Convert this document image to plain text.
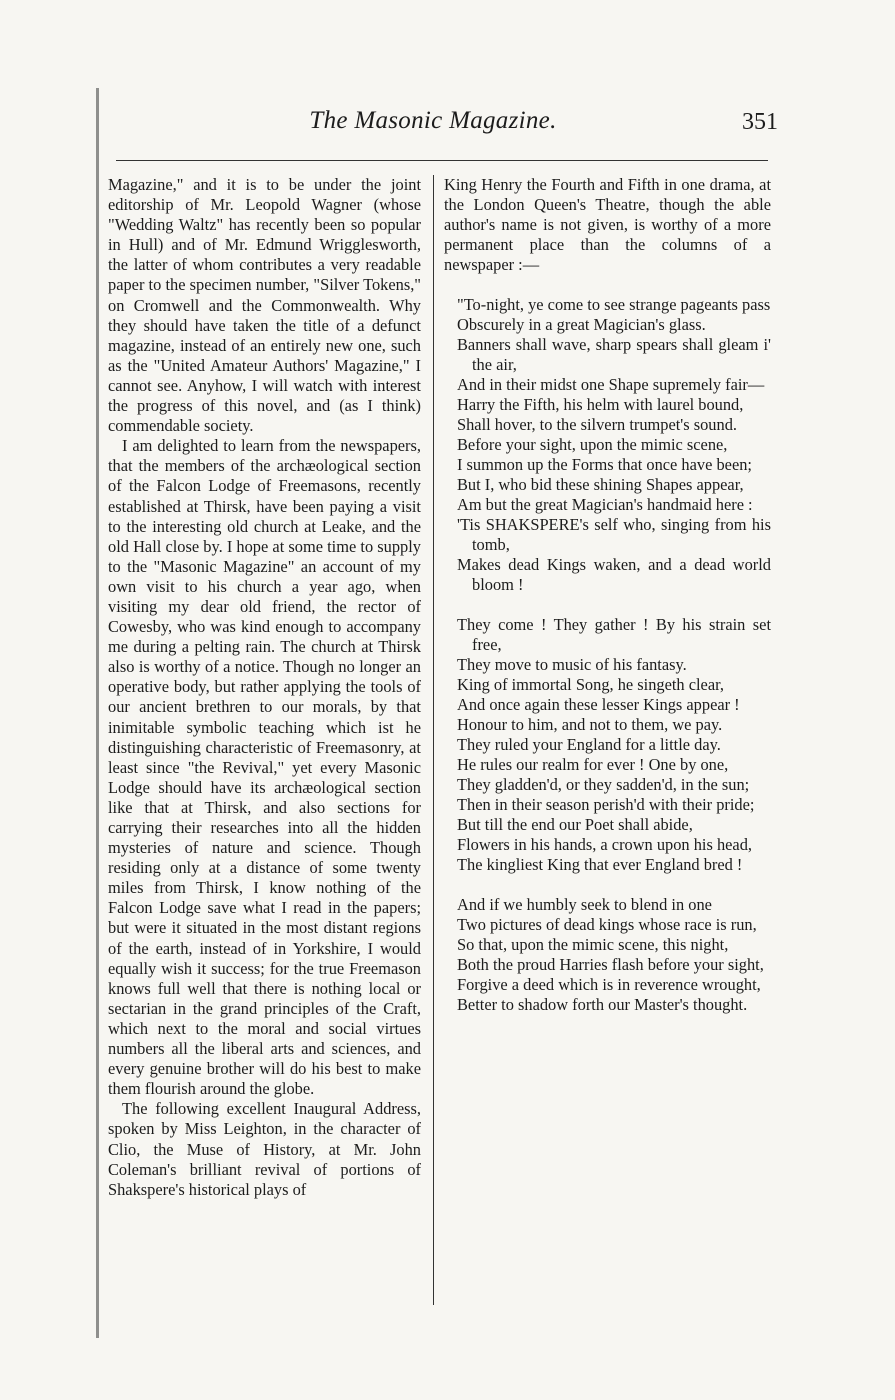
The Masonic Magazine.	351

Magazine," and it is to be under the joint editorship of Mr. Leopold Wagner (whose "Wedding Waltz" has recently been so popular in Hull) and of Mr. Edmund Wrigglesworth, the latter of whom contributes a very readable paper to the specimen number, "Silver Tokens," on Cromwell and the Commonwealth. Why they should have taken the title of a defunct magazine, instead of an entirely new one, such as the "United Amateur Authors' Magazine," I cannot see. Anyhow, I will watch with interest the progress of this novel, and (as I think) commendable society.

I am delighted to learn from the newspapers, that the members of the archæological section of the Falcon Lodge of Freemasons, recently established at Thirsk, have been paying a visit to the interesting old church at Leake, and the old Hall close by. I hope at some time to supply to the "Masonic Magazine" an account of my own visit to his church a year ago, when visiting my dear old friend, the rector of Cowesby, who was kind enough to accompany me during a pelting rain. The church at Thirsk also is worthy of a notice. Though no longer an operative body, but rather applying the tools of our ancient brethren to our morals, by that inimitable symbolic teaching which ist he distinguishing characteristic of Freemasonry, at least since "the Revival," yet every Masonic Lodge should have its archæological section like that at Thirsk, and also sections for carrying their researches into all the hidden mysteries of nature and science. Though residing only at a distance of some twenty miles from Thirsk, I know nothing of the Falcon Lodge save what I read in the papers; but were it situated in the most distant regions of the earth, instead of in Yorkshire, I would equally wish it success; for the true Freemason knows full well that there is nothing local or sectarian in the grand principles of the Craft, which next to the moral and social virtues numbers all the liberal arts and sciences, and every genuine brother will do his best to make them flourish around the globe.

The following excellent Inaugural Address, spoken by Miss Leighton, in the character of Clio, the Muse of History, at Mr. John Coleman's brilliant revival of portions of Shakspere's historical plays of

King Henry the Fourth and Fifth in one drama, at the London Queen's Theatre, though the able author's name is not given, is worthy of a more permanent place than the columns of a newspaper :—

"To-night, ye come to see strange pageants pass
Obscurely in a great Magician's glass.
Banners shall wave, sharp spears shall gleam i' the air,
And in their midst one Shape supremely fair—
Harry the Fifth, his helm with laurel bound,
Shall hover, to the silvern trumpet's sound.
Before your sight, upon the mimic scene,
I summon up the Forms that once have been;
But I, who bid these shining Shapes appear,
Am but the great Magician's handmaid here :
'Tis SHAKSPERE's self who, singing from his tomb,
Makes dead Kings waken, and a dead world bloom !
They come ! They gather ! By his strain set free,
They move to music of his fantasy.
King of immortal Song, he singeth clear,
And once again these lesser Kings appear !
Honour to him, and not to them, we pay.
They ruled your England for a little day.
He rules our realm for ever ! One by one,
They gladden'd, or they sadden'd, in the sun;
Then in their season perish'd with their pride;
But till the end our Poet shall abide,
Flowers in his hands, a crown upon his head,
The kingliest King that ever England bred !
And if we humbly seek to blend in one
Two pictures of dead kings whose race is run,
So that, upon the mimic scene, this night,
Both the proud Harries flash before your sight,
Forgive a deed which is in reverence wrought,
Better to shadow forth our Master's thought.
